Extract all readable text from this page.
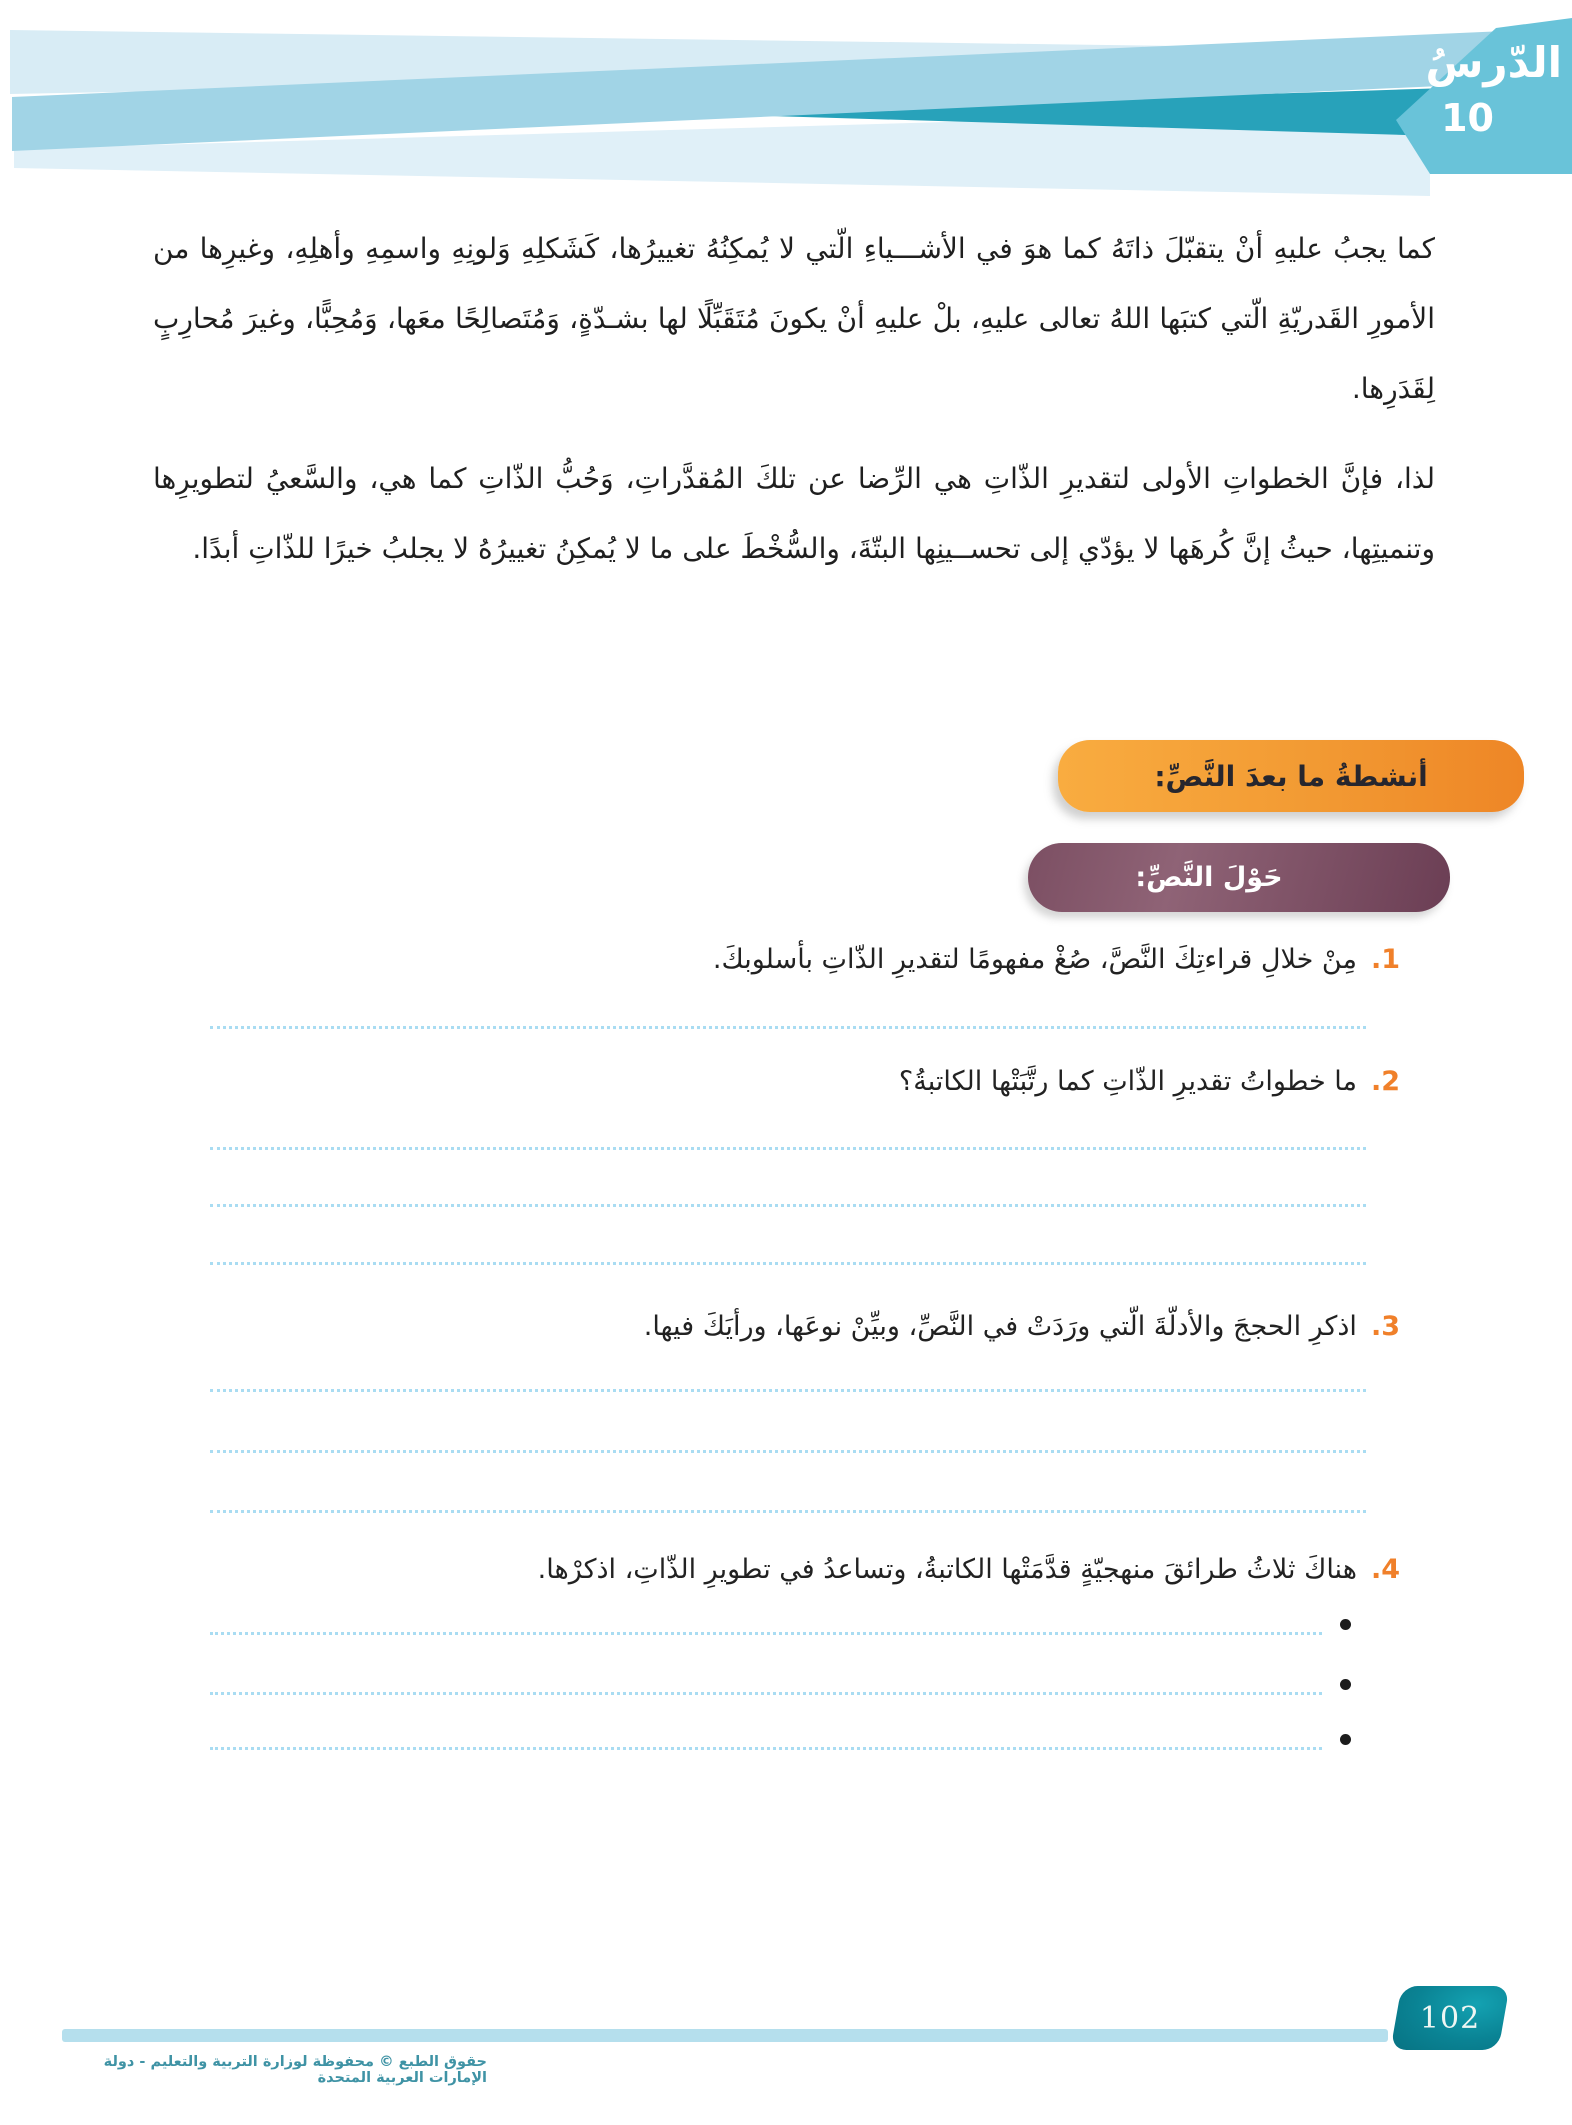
الدّرسُ
10

كما يجبُ عليهِ أنْ يتقبّلَ ذاتَهُ كما هوَ في الأشـــياءِ الّتي لا يُمكِنُهُ تغييرُها، كَشَكلِهِ وَلونِهِ واسمِهِ وأهلِهِ، وغيرِها من الأمورِ القَدريّةِ الّتي كتبَها اللهُ تعالى عليهِ، بلْ عليهِ أنْ يكونَ مُتَقَبِّلًا لها بشـدّةٍ، وَمُتَصالِحًا معَها، وَمُحِبًّا، وغيرَ مُحارِبٍ لِقَدَرِها.

لذا، فإنَّ الخطواتِ الأولى لتقديرِ الذّاتِ هي الرِّضا عن تلكَ المُقدَّراتِ، وَحُبُّ الذّاتِ كما هي، والسَّعيُ لتطويرِها وتنميتِها، حيثُ إنَّ كُرهَها لا يؤدّي إلى تحســينِها البتّةَ، والسُّخْطَ على ما لا يُمكِنُ تغييرُهُ لا يجلبُ خيرًا للذّاتِ أبدًا.

أنشطةُ ما بعدَ النَّصِّ:
حَوْلَ النَّصِّ:
1.
مِنْ خلالِ قراءتِكَ النَّصَّ، صُغْ مفهومًا لتقديرِ الذّاتِ بأسلوبكَ.
2.
ما خطواتُ تقديرِ الذّاتِ كما رتَّبَتْها الكاتبةُ؟
3.
اذكرِ الحججَ والأدلّةَ الّتي ورَدَتْ في النَّصِّ، وبيِّنْ نوعَها، ورأيَكَ فيها.
4.
هناكَ ثلاثُ طرائقَ منهجيّةٍ قدَّمَتْها الكاتبةُ، وتساعدُ في تطويرِ الذّاتِ، اذكرْها.
102
حقوق الطبع © محفوظة لوزارة التربية والتعليم - دولة الإمارات العربية المتحدة
